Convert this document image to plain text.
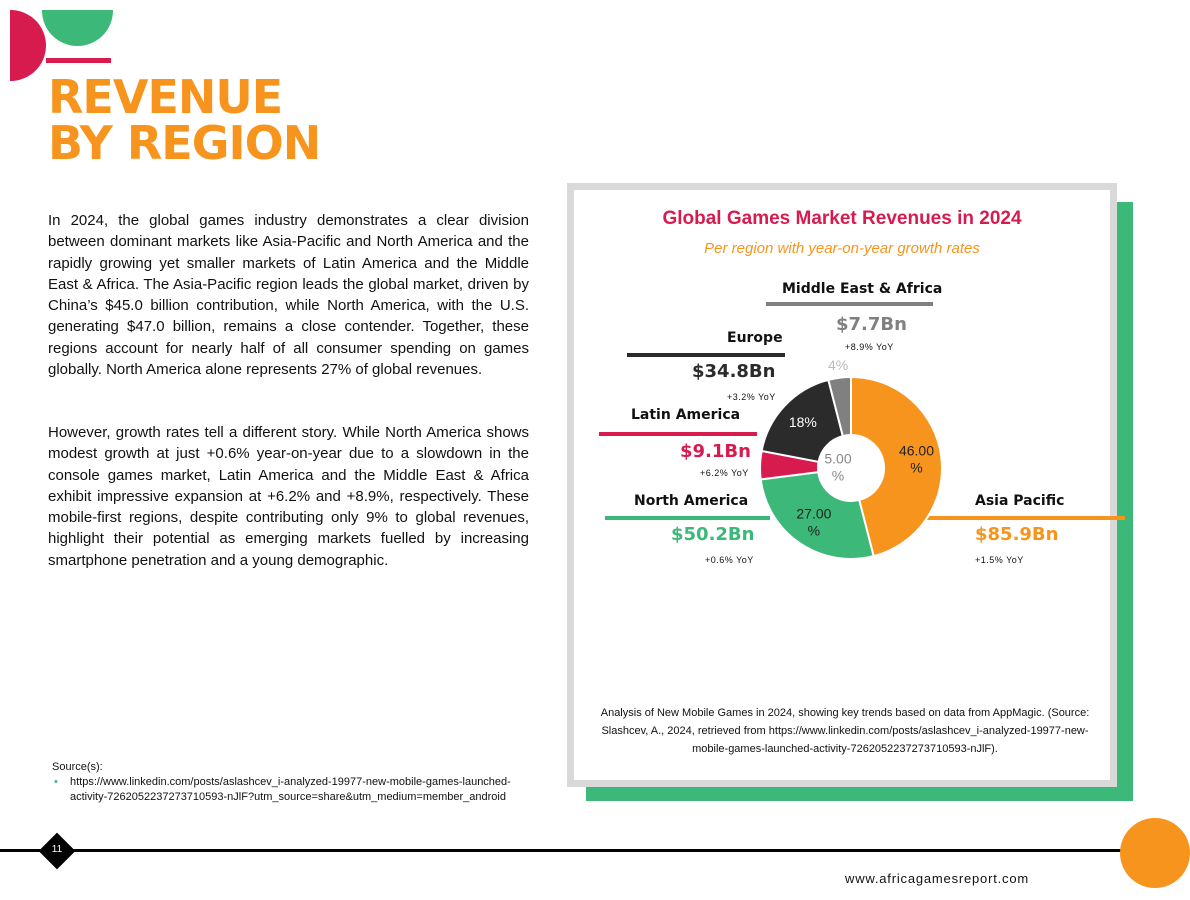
REVENUE
BY REGION
In 2024, the global games industry demonstrates a clear division between dominant markets like Asia-Pacific and North America and the rapidly growing yet smaller markets of Latin America and the Middle East & Africa. The Asia-Pacific region leads the global market, driven by China’s $45.0 billion contribution, while North America, with the U.S. generating $47.0 billion, remains a close contender. Together, these regions account for nearly half of all consumer spending on games globally. North America alone represents 27% of global revenues.
However, growth rates tell a different story. While North America shows modest growth at just +0.6% year-on-year due to a slowdown in the console games market, Latin America and the Middle East & Africa exhibit impressive expansion at +6.2% and +8.9%, respectively. These mobile-first regions, despite contributing only 9% to global revenues, highlight their potential as emerging markets fuelled by increasing smartphone penetration and a young demographic.
Global Games Market Revenues in 2024
Per region with year-on-year growth rates
Middle East & Africa
$7.7Bn
+8.9% YoY
Europe
$34.8Bn
+3.2% YoY
Latin America
$9.1Bn
+6.2% YoY
North America
$50.2Bn
+0.6% YoY
Asia Pacific
$85.9Bn
+1.5% YoY
46.00 %
27.00 %
5.00 %
18%
4%
Analysis of New Mobile Games in 2024, showing key trends based on data from AppMagic. (Source: Slashcev, A., 2024, retrieved from https://www.linkedin.com/posts/aslashcev_i-analyzed-19977-new-mobile-games-launched-activity-7262052237273710593-nJlF).
Source(s):
• https://www.linkedin.com/posts/aslashcev_i-analyzed-19977-new-mobile-games-launched-activity-7262052237273710593-nJlF?utm_source=share&utm_medium=member_android
11
www.africagamesreport.com
